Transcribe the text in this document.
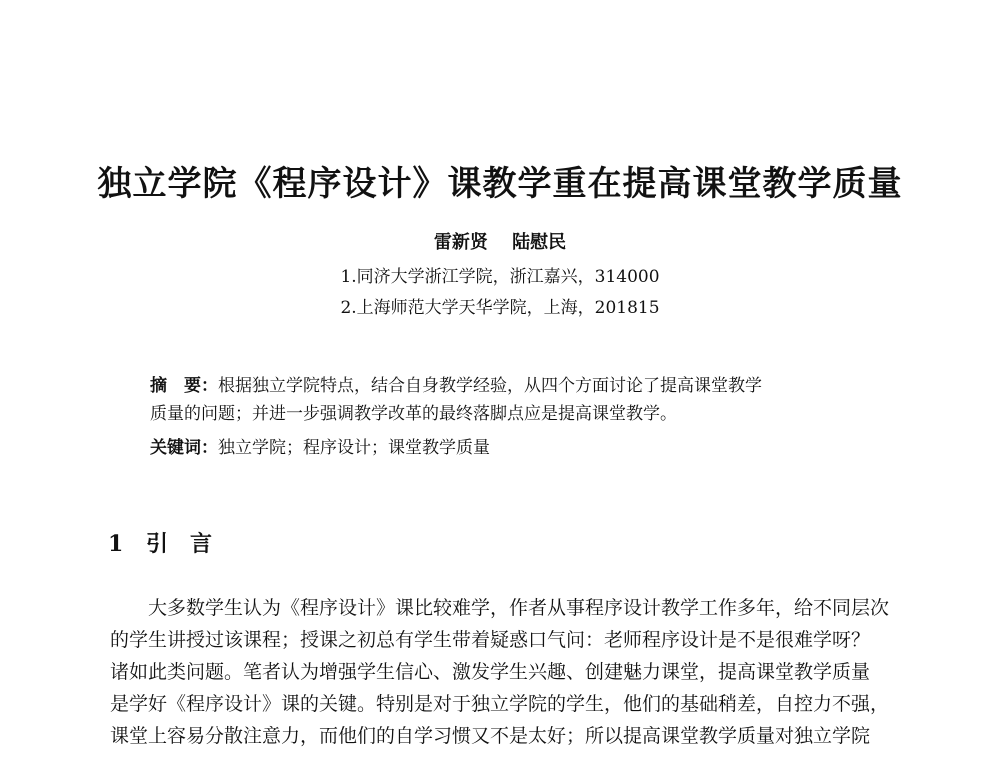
独立学院《程序设计》课教学重在提高课堂教学质量
雷新贤　 陆慰民
1.同济大学浙江学院，浙江嘉兴，314000
2.上海师范大学天华学院，上海，201815
摘　要：根据独立学院特点，结合自身教学经验，从四个方面讨论了提高课堂教学
质量的问题；并进一步强调教学改革的最终落脚点应是提高课堂教学。
关键词：独立学院；程序设计；课堂教学质量
1 引　言
大多数学生认为《程序设计》课比较难学，作者从事程序设计教学工作多年，给不同层次
的学生讲授过该课程；授课之初总有学生带着疑惑口气问：老师程序设计是不是很难学呀？
诸如此类问题。笔者认为增强学生信心、激发学生兴趣、创建魅力课堂，提高课堂教学质量
是学好《程序设计》课的关键。特别是对于独立学院的学生，他们的基础稍差，自控力不强，
课堂上容易分散注意力，而他们的自学习惯又不是太好；所以提高课堂教学质量对独立学院
